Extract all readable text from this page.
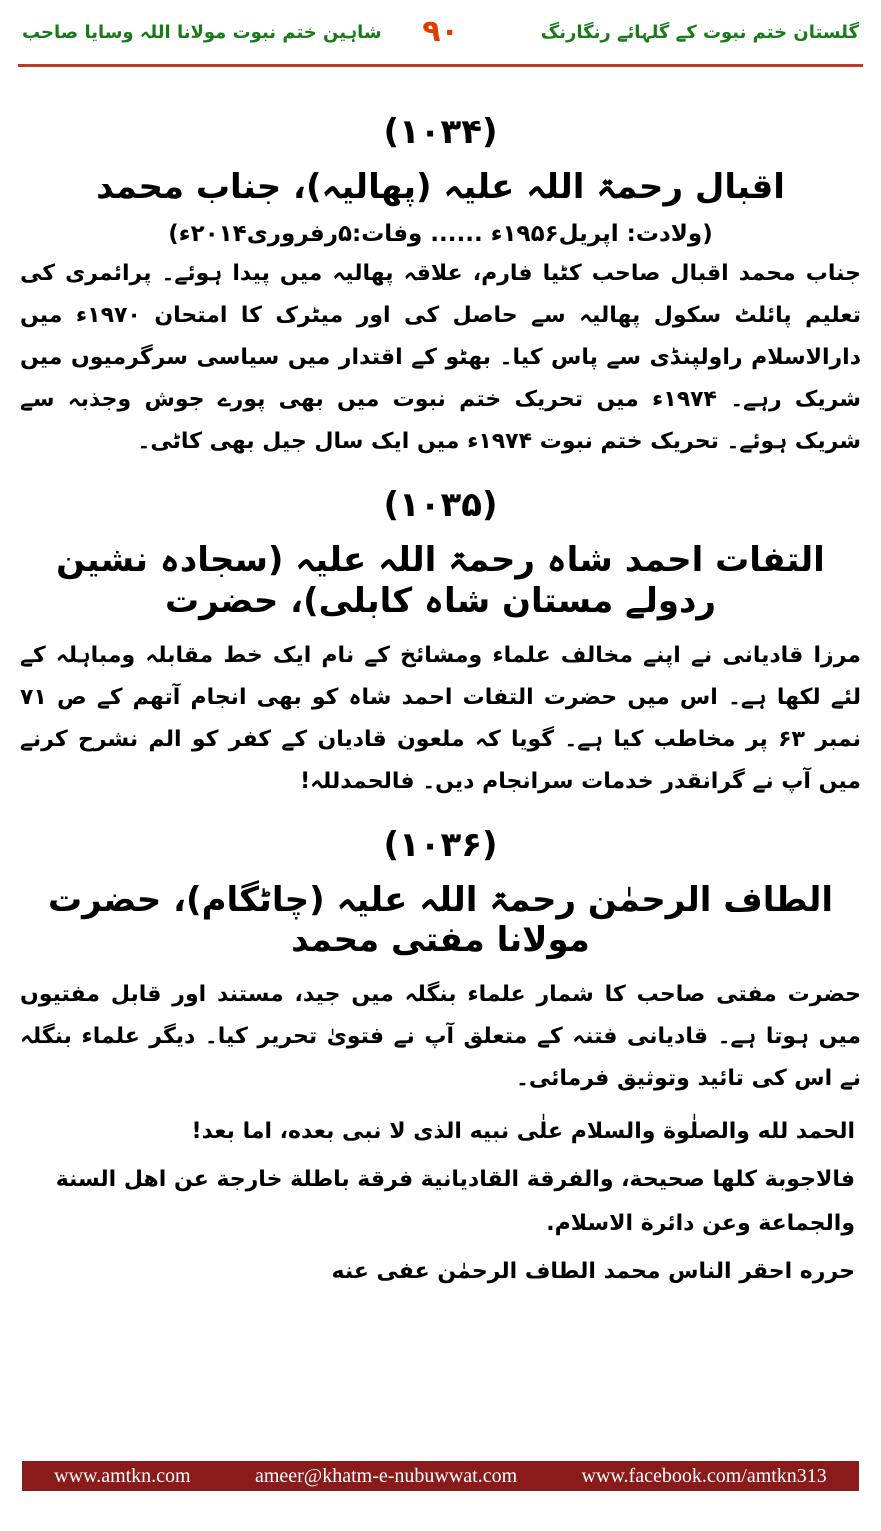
گلستان ختم نبوت کے گلہائے رنگارنگ
۹۰
شاہین ختم نبوت مولانا اللہ وسایا صاحب
(۱۰۳۴)
اقبال رحمۃ اللہ علیہ (پھالیہ)، جناب محمد
(ولادت: اپریل۱۹۵۶ء ...... وفات:۵رفروری۲۰۱۴ء)

جناب محمد اقبال صاحب کٹیا فارم، علاقہ پھالیہ میں پیدا ہوئے۔ پرائمری کی تعلیم پائلٹ سکول پھالیہ سے حاصل کی اور میٹرک کا امتحان ۱۹۷۰ء میں دارالاسلام راولپنڈی سے پاس کیا۔ بھٹو کے اقتدار میں سیاسی سرگرمیوں میں شریک رہے۔ ۱۹۷۴ء میں تحریک ختم نبوت میں بھی پورے جوش وجذبہ سے شریک ہوئے۔ تحریک ختم نبوت ۱۹۷۴ء میں ایک سال جیل بھی کاٹی۔

(۱۰۳۵)
التفات احمد شاہ رحمۃ اللہ علیہ (سجادہ نشین ردولے مستان شاہ کابلی)، حضرت

مرزا قادیانی نے اپنے مخالف علماء ومشائخ کے نام ایک خط مقابلہ ومباہلہ کے لئے لکھا ہے۔ اس میں حضرت التفات احمد شاہ کو بھی انجام آتھم کے ص ۷۱ نمبر ۶۳ پر مخاطب کیا ہے۔ گویا کہ ملعون قادیان کے کفر کو الم نشرح کرنے میں آپ نے گرانقدر خدمات سرانجام دیں۔ فالحمدللہ!

(۱۰۳۶)
الطاف الرحمٰن رحمۃ اللہ علیہ (چاٹگام)، حضرت مولانا مفتی محمد

حضرت مفتی صاحب کا شمار علماء بنگلہ میں جید، مستند اور قابل مفتیوں میں ہوتا ہے۔ قادیانی فتنہ کے متعلق آپ نے فتویٰ تحریر کیا۔ دیگر علماء بنگلہ نے اس کی تائید وتوثیق فرمائی۔

الحمد لله والصلٰوة والسلام علٰى نبيه الذی لا نبی بعده، اما بعد!

فالاجوبة كلها صحيحة، والفرقة القاديانية فرقة باطلة خارجة عن اهل السنة والجماعة وعن دائرة الاسلام.

حرره احقر الناس محمد الطاف الرحمٰن عفى عنه

www.amtkn.com	ameer@khatm-e-nubuwwat.com	www.facebook.com/amtkn313
